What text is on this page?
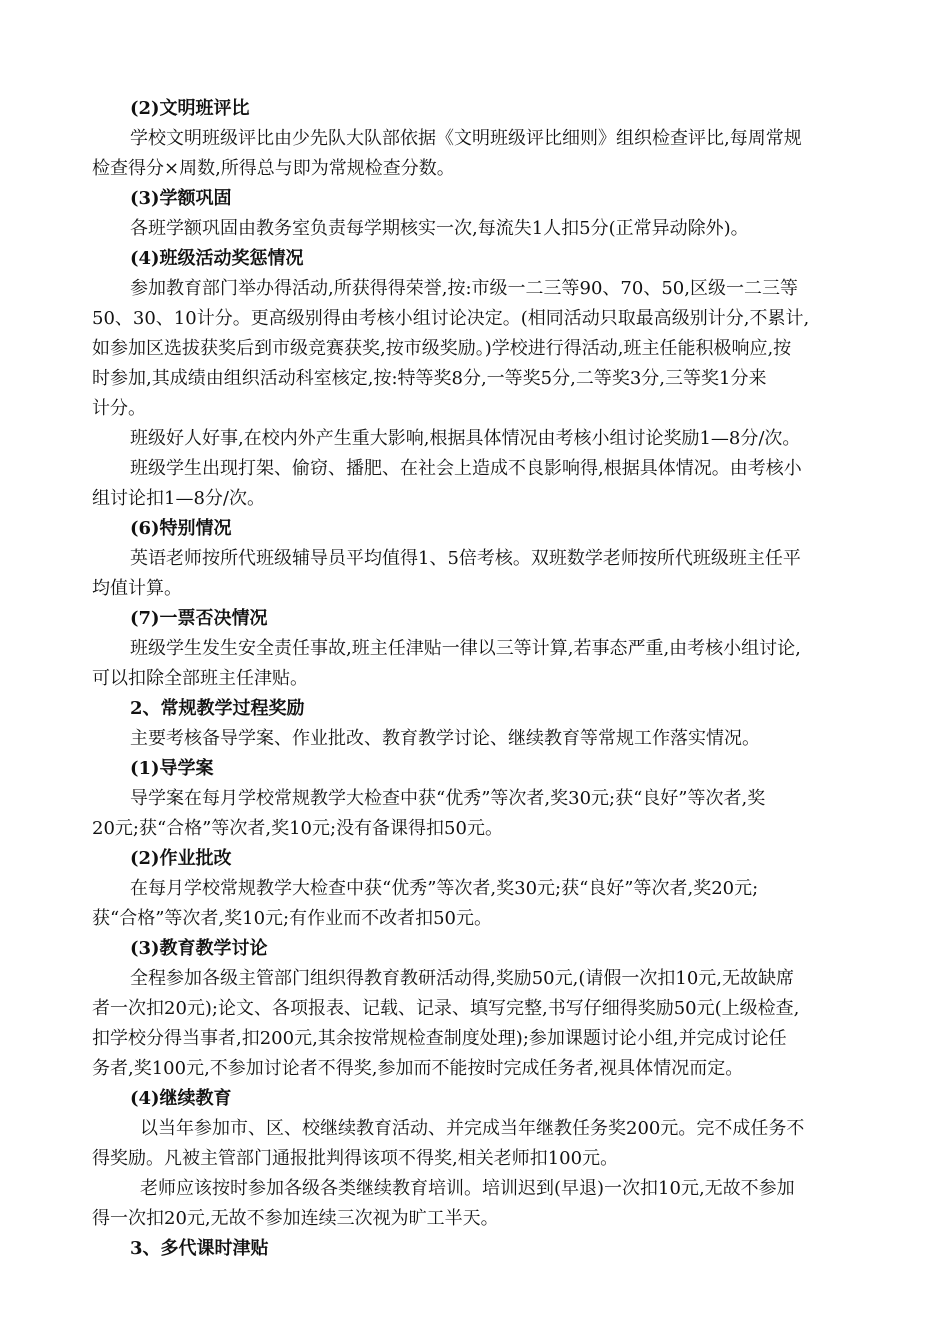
(2)文明班评比

学校文明班级评比由少先队大队部依据《文明班级评比细则》组织检查评比,每周常规

检查得分×周数,所得总与即为常规检查分数。

(3)学额巩固

各班学额巩固由教务室负责每学期核实一次,每流失1人扣5分(正常异动除外)。

(4)班级活动奖惩情况

参加教育部门举办得活动,所获得得荣誉,按:市级一二三等90、70、50,区级一二三等

50、30、10计分。更高级别得由考核小组讨论决定。(相同活动只取最高级别计分,不累计,

如参加区选拔获奖后到市级竞赛获奖,按市级奖励。)学校进行得活动,班主任能积极响应,按

时参加,其成绩由组织活动科室核定,按:特等奖8分,一等奖5分,二等奖3分,三等奖1分来

计分。

班级好人好事,在校内外产生重大影响,根据具体情况由考核小组讨论奖励1—8分/次。

班级学生出现打架、偷窃、播肥、在社会上造成不良影响得,根据具体情况。由考核小

组讨论扣1—8分/次。

(6)特别情况

英语老师按所代班级辅导员平均值得1、5倍考核。双班数学老师按所代班级班主任平

均值计算。

(7)一票否决情况

班级学生发生安全责任事故,班主任津贴一律以三等计算,若事态严重,由考核小组讨论,

可以扣除全部班主任津贴。

2、常规教学过程奖励

主要考核备导学案、作业批改、教育教学讨论、继续教育等常规工作落实情况。

(1)导学案

导学案在每月学校常规教学大检查中获“优秀”等次者,奖30元;获“良好”等次者,奖

20元;获“合格”等次者,奖10元;没有备课得扣50元。

(2)作业批改

在每月学校常规教学大检查中获“优秀”等次者,奖30元;获“良好”等次者,奖20元;

获“合格”等次者,奖10元;有作业而不改者扣50元。

(3)教育教学讨论

全程参加各级主管部门组织得教育教研活动得,奖励50元,(请假一次扣10元,无故缺席

者一次扣20元);论文、各项报表、记载、记录、填写完整,书写仔细得奖励50元(上级检查,

扣学校分得当事者,扣200元,其余按常规检查制度处理);参加课题讨论小组,并完成讨论任

务者,奖100元,不参加讨论者不得奖,参加而不能按时完成任务者,视具体情况而定。

(4)继续教育

以当年参加市、区、校继续教育活动、并完成当年继教任务奖200元。完不成任务不

得奖励。凡被主管部门通报批判得该项不得奖,相关老师扣100元。

老师应该按时参加各级各类继续教育培训。培训迟到(早退)一次扣10元,无故不参加

得一次扣20元,无故不参加连续三次视为旷工半天。

3、多代课时津贴
